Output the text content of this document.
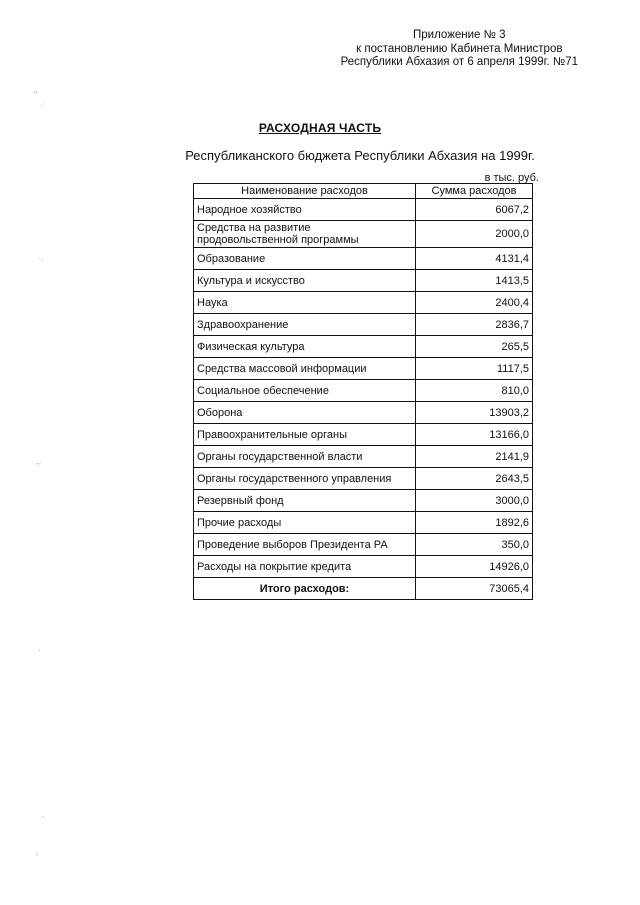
Приложение № 3
к постановлению Кабинета Министров
Республики Абхазия от 6 апреля 1999г. №71
РАСХОДНАЯ ЧАСТЬ
Республиканского бюджета Республики Абхазия на 1999г.
в тыс. руб.
Наименование расходов	Сумма расходов
Народное хозяйство	6067,2
Средства на развитие продовольственной программы	2000,0
Образование	4131,4
Культура и искусство	1413,5
Наука	2400,4
Здравоохранение	2836,7
Физическая культура	265,5
Средства массовой информации	1117,5
Социальное обеспечение	810,0
Оборона	13903,2
Правоохранительные органы	13166,0
Органы государственной власти	2141,9
Органы государственного управления	2643,5
Резервный фонд	3000,0
Прочие расходы	1892,6
Проведение выборов Президента РА	350,0
Расходы на покрытие кредита	14926,0
Итого расходов:	73065,4
ʺ
·˙
ˑ·
ˆ˙
·
˙
ʹ
